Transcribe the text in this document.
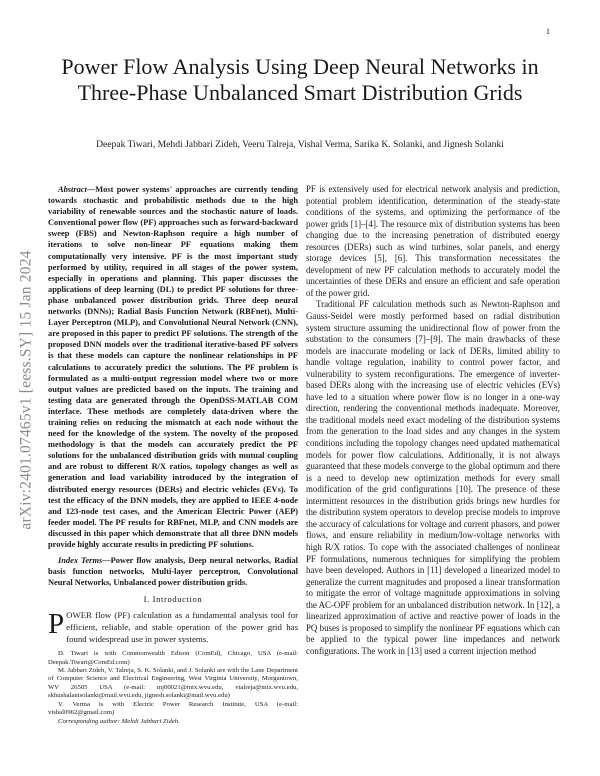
1
arXiv:2401.07465v1 [eess.SY] 15 Jan 2024
Power Flow Analysis Using Deep Neural Networks in Three-Phase Unbalanced Smart Distribution Grids
Deepak Tiwari, Mehdi Jabbari Zideh, Veeru Talreja, Vishal Verma, Sarika K. Solanki, and Jignesh Solanki

Abstract—Most power systems' approaches are currently tending towards stochastic and probabilistic methods due to the high variability of renewable sources and the stochastic nature of loads. Conventional power flow (PF) approaches such as forward-backward sweep (FBS) and Newton-Raphson require a high number of iterations to solve non-linear PF equations making them computationally very intensive. PF is the most important study performed by utility, required in all stages of the power system, especially in operations and planning. This paper discusses the applications of deep learning (DL) to predict PF solutions for three-phase unbalanced power distribution grids. Three deep neural networks (DNNs); Radial Basis Function Network (RBFnet), Multi-Layer Perceptron (MLP), and Convolutional Neural Network (CNN), are proposed in this paper to predict PF solutions. The strength of the proposed DNN models over the traditional iterative-based PF solvers is that these models can capture the nonlinear relationships in PF calculations to accurately predict the solutions. The PF problem is formulated as a multi-output regression model where two or more output values are predicted based on the inputs. The training and testing data are generated through the OpenDSS-MATLAB COM interface. These methods are completely data-driven where the training relies on reducing the mismatch at each node without the need for the knowledge of the system. The novelty of the proposed methodology is that the models can accurately predict the PF solutions for the unbalanced distribution grids with mutual coupling and are robust to different R/X ratios, topology changes as well as generation and load variability introduced by the integration of distributed energy resources (DERs) and electric vehicles (EVs). To test the efficacy of the DNN models, they are applied to IEEE 4-node and 123-node test cases, and the American Electric Power (AEP) feeder model. The PF results for RBFnet, MLP, and CNN models are discussed in this paper which demonstrate that all three DNN models provide highly accurate results in predicting PF solutions.

Index Terms—Power flow analysis, Deep neural networks, Radial basis function networks, Multi-layer perceptron, Convolutional Neural Networks, Unbalanced power distribution grids.

I. Introduction

POWER flow (PF) calculation as a fundamental analysis tool for efficient, reliable, and stable operation of the power grid has found widespread use in power systems.

D. Tiwari is with Commonwealth Edison (ComEd), Chicago, USA (e-mail: Deepak.Tiwari@ComEd.com)

M. Jabbari Zideh, V. Talreja, S. K. Solanki, and J. Solanki are with the Lane Department of Computer Science and Electrical Engineering, West Virginia University, Morgantown, WV 26505 USA (e-mail: mj00021@mix.wvu.edu, vtalreja@mix.wvu.edu, skhushalanisolanki@mail.wvu.edu, jignesh.solanki@mail.wvu.edu)

V. Verma is with Electric Power Research Institute, USA (e-mail: vishal0962@gmail.com)

Corresponding author: Mehdi Jabbari Zideh.

PF is extensively used for electrical network analysis and prediction, potential problem identification, determination of the steady-state conditions of the systems, and optimizing the performance of the power grids [1]–[4]. The resource mix of distribution systems has been changing due to the increasing penetration of distributed energy resources (DERs) such as wind turbines, solar panels, and energy storage devices [5], [6]. This transformation necessitates the development of new PF calculation methods to accurately model the uncertainties of these DERs and ensure an efficient and safe operation of the power grid.

Traditional PF calculation methods such as Newton-Raphson and Gauss-Seidel were mostly performed based on radial distribution system structure assuming the unidirectional flow of power from the substation to the consumers [7]–[9]. The main drawbacks of these models are inaccurate modeling or lack of DERs, limited ability to handle voltage regulation, inability to control power factor, and vulnerability to system reconfigurations. The emergence of inverter-based DERs along with the increasing use of electric vehicles (EVs) have led to a situation where power flow is no longer in a one-way direction, rendering the conventional methods inadequate. Moreover, the traditional models need exact modeling of the distribution systems from the generation to the load sides and any changes in the system conditions including the topology changes need updated mathematical models for power flow calculations. Additionally, it is not always guaranteed that these models converge to the global optimum and there is a need to develop new optimization methods for every small modification of the grid configurations [10]. The presence of these intermittent resources in the distribution grids brings new hurdles for the distribution system operators to develop precise models to improve the accuracy of calculations for voltage and current phasors, and power flows, and ensure reliability in medium/low-voltage networks with high R/X ratios. To cope with the associated challenges of nonlinear PF formulations, numerous techniques for simplifying the problem have been developed. Authors in [11] developed a linearized model to generalize the current magnitudes and proposed a linear transformation to mitigate the error of voltage magnitude approximations in solving the AC-OPF problem for an unbalanced distribution network. In [12], a linearized approximation of active and reactive power of loads in the PQ buses is proposed to simplify the nonlinear PF equations which can be applied to the typical power line impedances and network configurations. The work in [13] used a current injection method
